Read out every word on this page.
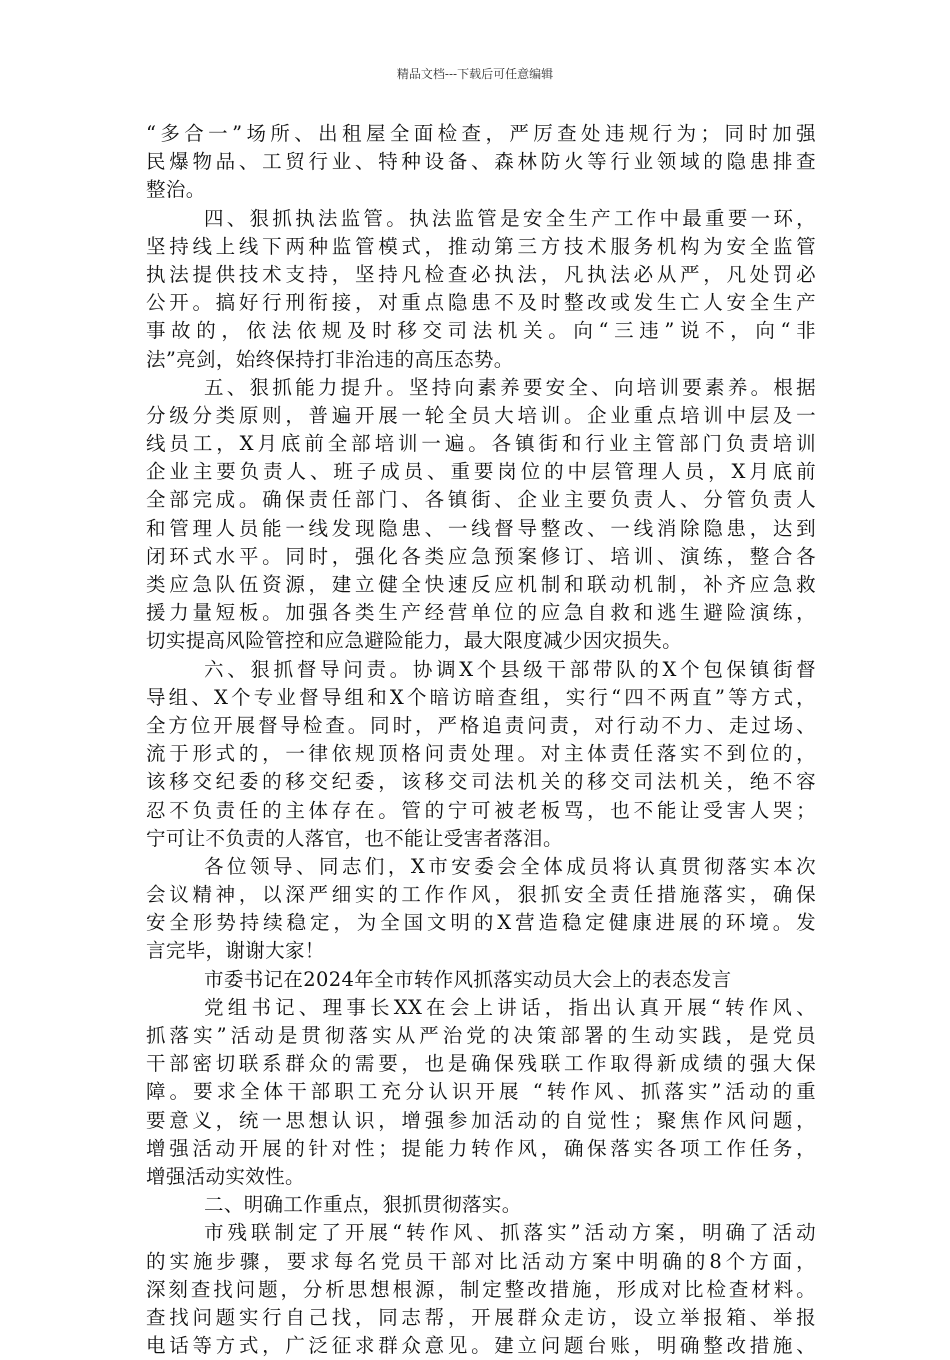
精品文档---下载后可任意编辑
“多合一”场所、出租屋全面检查，严厉查处违规行为；同时加强
民爆物品、工贸行业、特种设备、森林防火等行业领域的隐患排查
整治。
四、狠抓执法监管。执法监管是安全生产工作中最重要一环，
坚持线上线下两种监管模式，推动第三方技术服务机构为安全监管
执法提供技术支持，坚持凡检查必执法，凡执法必从严，凡处罚必
公开。搞好行刑衔接，对重点隐患不及时整改或发生亡人安全生产
事故的，依法依规及时移交司法机关。向“三违”说不，向“非
法”亮剑，始终保持打非治违的高压态势。
五、狠抓能力提升。坚持向素养要安全、向培训要素养。根据
分级分类原则，普遍开展一轮全员大培训。企业重点培训中层及一
线员工，X月底前全部培训一遍。各镇街和行业主管部门负责培训
企业主要负责人、班子成员、重要岗位的中层管理人员，X月底前
全部完成。确保责任部门、各镇街、企业主要负责人、分管负责人
和管理人员能一线发现隐患、一线督导整改、一线消除隐患，达到
闭环式水平。同时，强化各类应急预案修订、培训、演练，整合各
类应急队伍资源，建立健全快速反应机制和联动机制，补齐应急救
援力量短板。加强各类生产经营单位的应急自救和逃生避险演练，
切实提高风险管控和应急避险能力，最大限度减少因灾损失。
六、狠抓督导问责。协调X个县级干部带队的X个包保镇街督
导组、X个专业督导组和X个暗访暗查组，实行“四不两直”等方式，
全方位开展督导检查。同时，严格追责问责，对行动不力、走过场、
流于形式的，一律依规顶格问责处理。对主体责任落实不到位的，
该移交纪委的移交纪委，该移交司法机关的移交司法机关，绝不容
忍不负责任的主体存在。管的宁可被老板骂，也不能让受害人哭；
宁可让不负责的人落官，也不能让受害者落泪。
各位领导、同志们，X市安委会全体成员将认真贯彻落实本次
会议精神，以深严细实的工作作风，狠抓安全责任措施落实，确保
安全形势持续稳定，为全国文明的X营造稳定健康进展的环境。发
言完毕，谢谢大家！
市委书记在2024年全市转作风抓落实动员大会上的表态发言
党组书记、理事长XX在会上讲话，指出认真开展“转作风、
抓落实”活动是贯彻落实从严治党的决策部署的生动实践，是党员
干部密切联系群众的需要，也是确保残联工作取得新成绩的强大保
障。要求全体干部职工充分认识开展 “转作风、抓落实”活动的重
要意义，统一思想认识，增强参加活动的自觉性；聚焦作风问题，
增强活动开展的针对性；提能力转作风，确保落实各项工作任务，
增强活动实效性。
二、明确工作重点，狠抓贯彻落实。
市残联制定了开展“转作风、抓落实”活动方案，明确了活动
的实施步骤，要求每名党员干部对比活动方案中明确的8个方面，
深刻查找问题，分析思想根源，制定整改措施，形成对比检查材料。
查找问题实行自己找，同志帮，开展群众走访，设立举报箱、举报
电话等方式，广泛征求群众意见。建立问题台账，明确整改措施、
